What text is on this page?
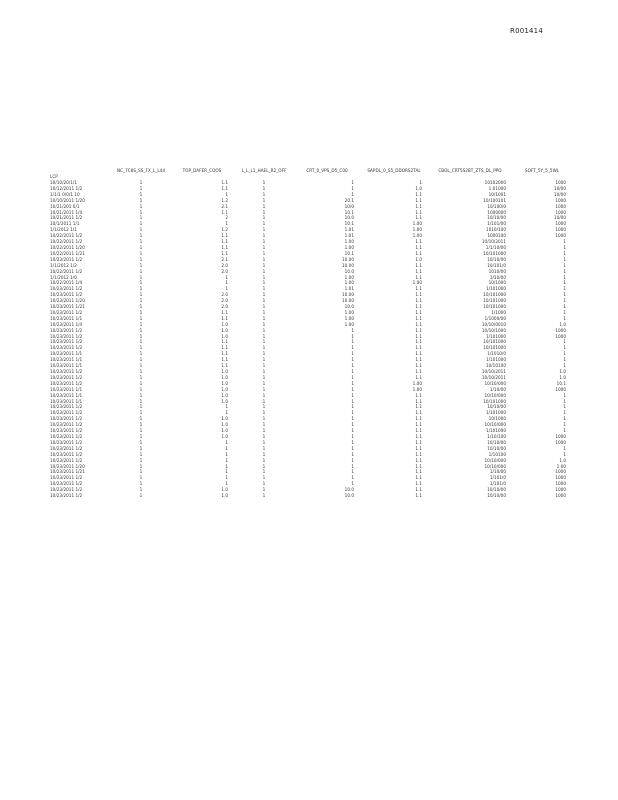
R001414
	NC_7C8S_SS_FX_L_L44	TOP_DAFER_COOS	L_L_L1_HAEL_R2_OFF	CRT_0_VPS_D5_C00	SAPDL_0_S5_DDORS2TAL	CBOL_CRT5S2BT_ZTS_DL_PPO	SOFT_5Y_5_5WL
LCP							
10/10/20/1/1	1	1.1	1	1	1	10102000	1000
10/12/2011 1/2	1	1.1	1	1	1.0	1.01000	10/00
1/1/1 0/0/1 10	1	1	1	1	1.1	10/1001	10/00
10/10/2011 1/20	1	1.2	1	20.1	1.1	10/100101	1000
10/21/201 0/1	1	2.1	1	10/0	1.1	10/100/0	1000
10/21/2011 1/4	1	1.1	1	10.1	1.1	1000000	1000
10/21/2011 1/2	1	2	1	10.0	1.1	10/10/00	10/00
10/1/2011 1/1	1	1	1	10.1	1.00	1/101/00	1000
1/1/2012 1/1	1	1.2	1	1.01	1.00	1010/100	1000
10/22/2011 1/2	1	1.1	1	1.01	1.00	1000100	1000
10/22/2011 1/2	1	1.1	1	1.00	1.1	10/10/2011	1
10/22/2011 1/20	1	1.1	1	1.00	1.1	1/1/10/00	1
10/22/2011 1/21	1	1.1	1	10.1	1.1	10/101000	1
10/23/2011 1/2	1	2.1	1	10.00	1.0	10/10/00	1
1/1/2012 1/2	1	2.0	1	10.00	1.1	10/101/0	1
10/22/2011 1/2	1	2.0	1	10.0	1.1	1010/00	1
1/1/2012 1/0	1	1	1	1.00	1.1	1/10/00	1
10/22/2011 1/4	1	1	1	1.00	1.00	10/1000	1
10/23/2011 1/2	1	1	1	1.01	1.1	1/101000	1
10/23/2011 1/2	1	2.0	1	10.00	1.1	10/101000	1
10/23/2011 1/20	1	2.0	1	10.00	1.1	10/101000	1
10/23/2011 1/21	1	2.0	1	10.0	1.1	10/101000	1
10/23/2011 1/2	1	1.1	1	1.00	1.1	1/1000	1
10/23/2011 1/1	1	1.1	1	1.00	1.1	1/1000/00	1
10/23/2011 1/4	1	1.0	1	1.00	1.1	10/10/0010	1.0
10/23/2011 1/2	1	1.0	1	1	1.1	10/10/1000	1000
10/23/2011 1/2	1	1.0	1	1	1.1	1/101000	1000
10/23/2011 1/2	1	1.1	1	1	1.1	10/101000	1
10/23/2011 1/2	1	1.1	1	1	1.1	10/101000	1
10/23/2011 1/1	1	1.1	1	1	1.1	1/1010/0	1
10/23/2011 1/1	1	1.1	1	1	1.1	1/101000	1
10/23/2011 1/1	1	1.1	1	1	1.1	10/10100	1
10/23/2011 1/2	1	1.0	1	1	1.1	10/10/2011	1.0
10/23/2011 1/2	1	1.0	1	1	1.1	10/10/2011	1.0
10/23/2011 1/2	1	1.0	1	1	1.00	10/10/000	10.1
10/23/2011 1/1	1	1.0	1	1	1.00	1/10/00	1000
10/23/2011 1/1	1	1.0	1	1	1.1	10/10/000	1
10/23/2011 1/1	1	1.0	1	1	1.1	10/101000	1
10/23/2011 1/2	1	1	1	1	1.1	10/10/00	1
10/23/2011 1/2	1	1	1	1	1.1	1/101000	1
10/23/2011 1/2	1	1.0	1	1	1.1	10/1000	1
10/23/2011 1/2	1	1.0	1	1	1.1	10/10/000	1
10/23/2011 1/2	1	1.0	1	1	1.1	1/101000	1
10/23/2011 1/2	1	1.0	1	1	1.1	1/10/100	1000
10/23/2011 1/2	1	1	1	1	1.1	10/10/00	1000
10/23/2011 1/2	1	1	1	1	1.1	10/10/00	1
10/23/2011 1/2	1	1	1	1	1.1	1/10100	1
10/23/2011 1/2	1	1	1	1	1.1	10/10/000	1.0
10/23/2011 1/20	1	1	1	1	1.1	10/10/000	1.00
10/23/2011 1/21	1	1	1	1	1.1	1/10/00	1000
10/23/2011 1/2	1	1	1	1	1.1	1/101/0	1000
10/23/2011 1/2	1	1	1	1	1.1	1/101/0	1000
10/23/2011 1/2	1	1.0	1	10.0	1.1	10/10/00	1000
10/23/2011 1/2	1	1.0	1	10.0	1.1	10/10/00	1000
